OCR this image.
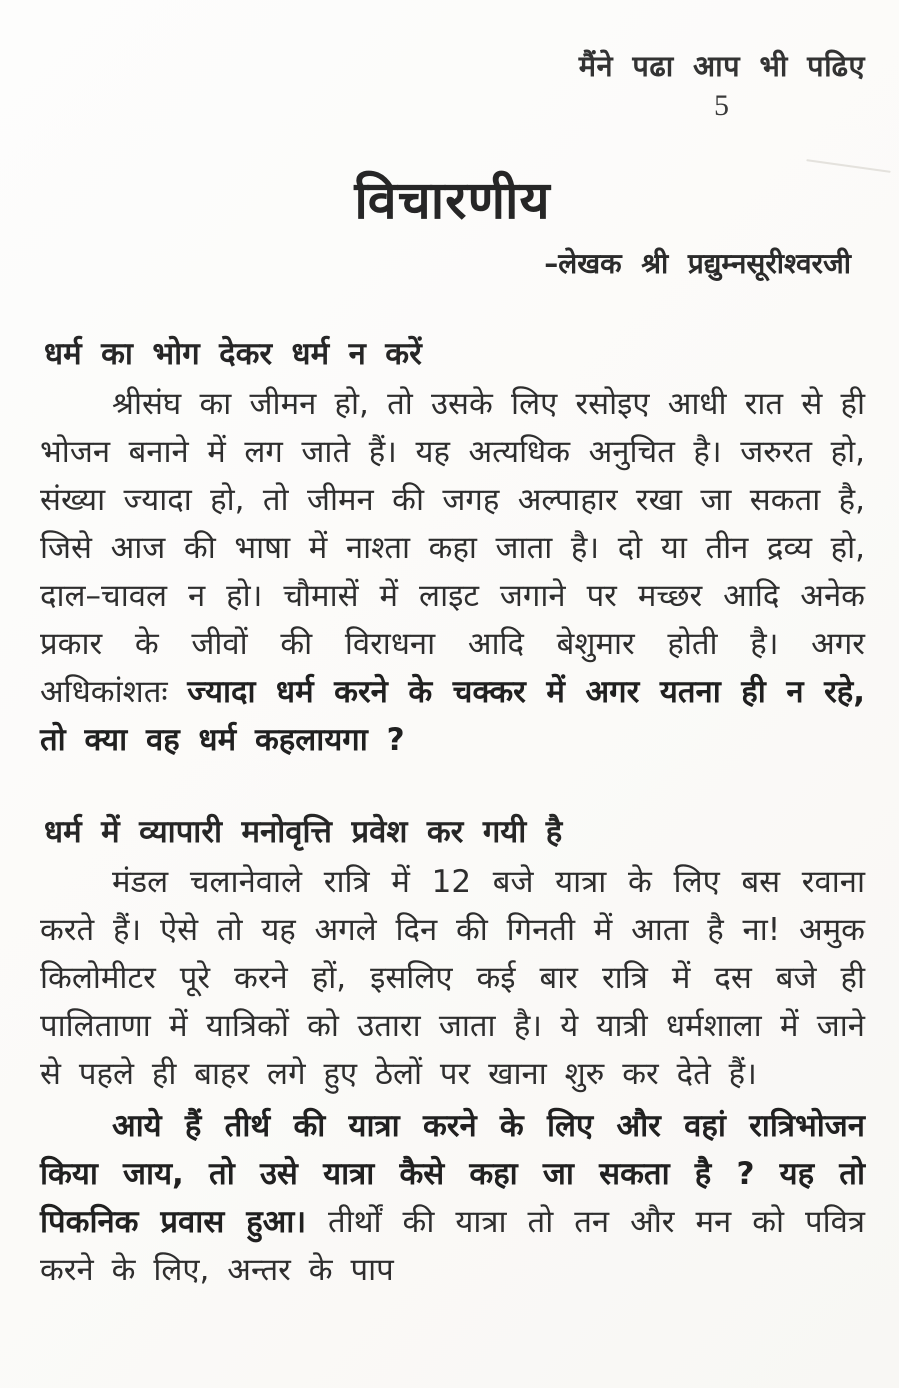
मैंने पढा आप भी पढिए
5
विचारणीय
–लेखक श्री प्रद्युम्नसूरीश्वरजी
धर्म का भोग देकर धर्म न करें

श्रीसंघ का जीमन हो, तो उसके लिए रसोइए आधी रात से ही भोजन बनाने में लग जाते हैं। यह अत्यधिक अनुचित है। जरुरत हो, संख्या ज्यादा हो, तो जीमन की जगह अल्पाहार रखा जा सकता है, जिसे आज की भाषा में नाश्ता कहा जाता है। दो या तीन द्रव्य हो, दाल–चावल न हो। चौमासें में लाइट जगाने पर मच्छर आदि अनेक प्रकार के जीवों की विराधना आदि बेशुमार होती है। अगर अधिकांशतः ज्यादा धर्म करने के चक्कर में अगर यतना ही न रहे, तो क्या वह धर्म कहलायगा ?

धर्म में व्यापारी मनोवृत्ति प्रवेश कर गयी है

मंडल चलानेवाले रात्रि में 12 बजे यात्रा के लिए बस रवाना करते हैं। ऐसे तो यह अगले दिन की गिनती में आता है ना! अमुक किलोमीटर पूरे करने हों, इसलिए कई बार रात्रि में दस बजे ही पालिताणा में यात्रिकों को उतारा जाता है। ये यात्री धर्मशाला में जाने से पहले ही बाहर लगे हुए ठेलों पर खाना शुरु कर देते हैं।

आये हैं तीर्थ की यात्रा करने के लिए और वहां रात्रिभोजन किया जाय, तो उसे यात्रा कैसे कहा जा सकता है ? यह तो पिकनिक प्रवास हुआ। तीर्थों की यात्रा तो तन और मन को पवित्र करने के लिए, अन्तर के पाप
